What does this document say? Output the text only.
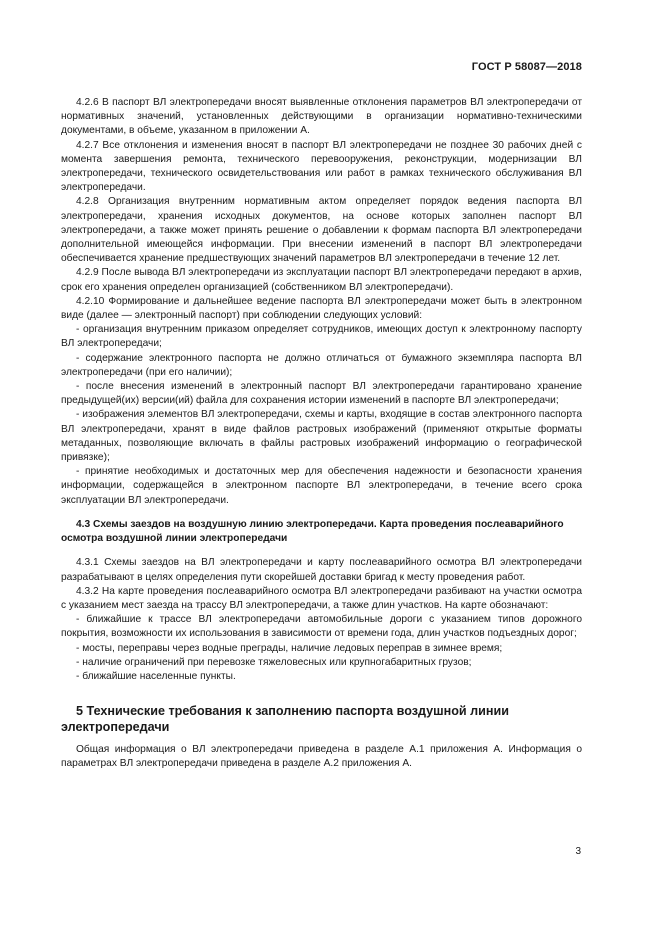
ГОСТ Р 58087—2018

4.2.6 В паспорт ВЛ электропередачи вносят выявленные отклонения параметров ВЛ электропередачи от нормативных значений, установленных действующими в организации нормативно-техническими документами, в объеме, указанном в приложении А.

4.2.7 Все отклонения и изменения вносят в паспорт ВЛ электропередачи не позднее 30 рабочих дней с момента завершения ремонта, технического перевооружения, реконструкции, модернизации ВЛ электропередачи, технического освидетельствования или работ в рамках технического обслуживания ВЛ электропередачи.

4.2.8 Организация внутренним нормативным актом определяет порядок ведения паспорта ВЛ электропередачи, хранения исходных документов, на основе которых заполнен паспорт ВЛ электропередачи, а также может принять решение о добавлении к формам паспорта ВЛ электропередачи дополнительной имеющейся информации. При внесении изменений в паспорт ВЛ электропередачи обеспечивается хранение предшествующих значений параметров ВЛ электропередачи в течение 12 лет.

4.2.9 После вывода ВЛ электропередачи из эксплуатации паспорт ВЛ электропередачи передают в архив, срок его хранения определен организацией (собственником ВЛ электропередачи).

4.2.10 Формирование и дальнейшее ведение паспорта ВЛ электропередачи может быть в электронном виде (далее — электронный паспорт) при соблюдении следующих условий:

- организация внутренним приказом определяет сотрудников, имеющих доступ к электронному паспорту ВЛ электропередачи;

- содержание электронного паспорта не должно отличаться от бумажного экземпляра паспорта ВЛ электропередачи (при его наличии);

- после внесения изменений в электронный паспорт ВЛ электропередачи гарантировано хранение предыдущей(их) версии(ий) файла для сохранения истории изменений в паспорте ВЛ электропередачи;

- изображения элементов ВЛ электропередачи, схемы и карты, входящие в состав электронного паспорта ВЛ электропередачи, хранят в виде файлов растровых изображений (применяют открытые форматы метаданных, позволяющие включать в файлы растровых изображений информацию о географической привязке);

- принятие необходимых и достаточных мер для обеспечения надежности и безопасности хранения информации, содержащейся в электронном паспорте ВЛ электропередачи, в течение всего срока эксплуатации ВЛ электропередачи.

4.3 Схемы заездов на воздушную линию электропередачи. Карта проведения послеаварийного осмотра воздушной линии электропередачи

4.3.1 Схемы заездов на ВЛ электропередачи и карту послеаварийного осмотра ВЛ электропередачи разрабатывают в целях определения пути скорейшей доставки бригад к месту проведения работ.

4.3.2 На карте проведения послеаварийного осмотра ВЛ электропередачи разбивают на участки осмотра с указанием мест заезда на трассу ВЛ электропередачи, а также длин участков. На карте обозначают:

- ближайшие к трассе ВЛ электропередачи автомобильные дороги с указанием типов дорожного покрытия, возможности их использования в зависимости от времени года, длин участков подъездных дорог;

- мосты, переправы через водные преграды, наличие ледовых переправ в зимнее время;

- наличие ограничений при перевозке тяжеловесных или крупногабаритных грузов;

- ближайшие населенные пункты.

5 Технические требования к заполнению паспорта воздушной линии электропередачи

Общая информация о ВЛ электропередачи приведена в разделе А.1 приложения А. Информация о параметрах ВЛ электропередачи приведена в разделе А.2 приложения А.

3
